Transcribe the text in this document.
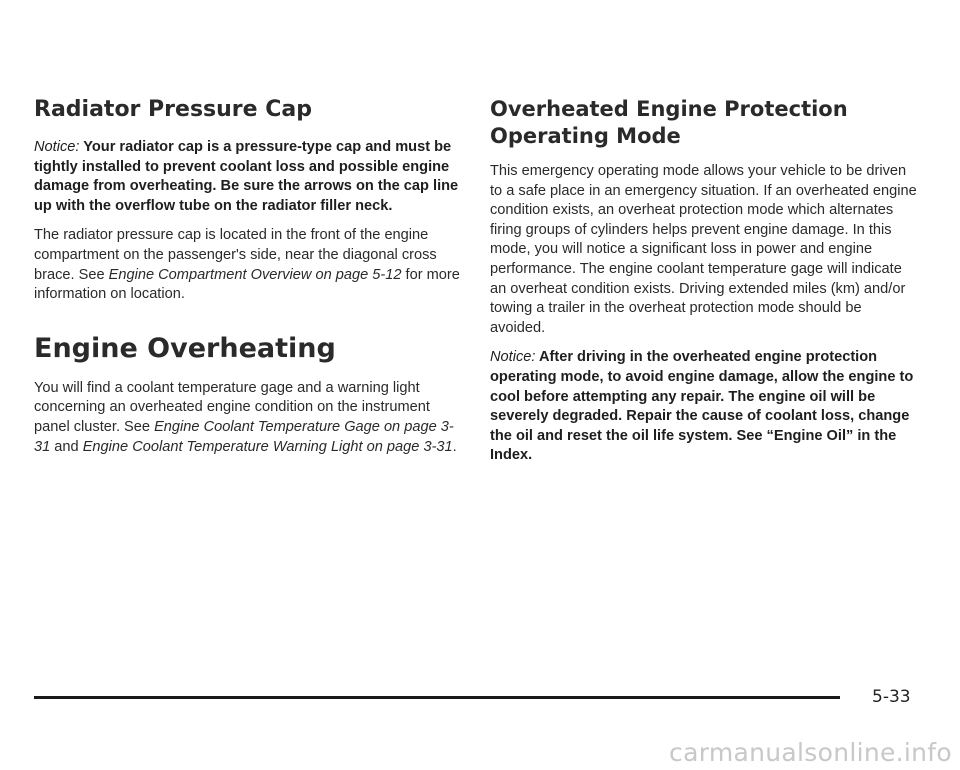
Radiator Pressure Cap

Notice: Your radiator cap is a pressure-type cap and must be tightly installed to prevent coolant loss and possible engine damage from overheating. Be sure the arrows on the cap line up with the overflow tube on the radiator filler neck.

The radiator pressure cap is located in the front of the engine compartment on the passenger's side, near the diagonal cross brace. See Engine Compartment Overview on page 5-12 for more information on location.

Engine Overheating

You will find a coolant temperature gage and a warning light concerning an overheated engine condition on the instrument panel cluster. See Engine Coolant Temperature Gage on page 3-31 and Engine Coolant Temperature Warning Light on page 3-31.

Overheated Engine Protection Operating Mode

This emergency operating mode allows your vehicle to be driven to a safe place in an emergency situation. If an overheated engine condition exists, an overheat protection mode which alternates firing groups of cylinders helps prevent engine damage. In this mode, you will notice a significant loss in power and engine performance. The engine coolant temperature gage will indicate an overheat condition exists. Driving extended miles (km) and/or towing a trailer in the overheat protection mode should be avoided.

Notice: After driving in the overheated engine protection operating mode, to avoid engine damage, allow the engine to cool before attempting any repair. The engine oil will be severely degraded. Repair the cause of coolant loss, change the oil and reset the oil life system. See “Engine Oil” in the Index.

5-33
carmanualsonline.info
